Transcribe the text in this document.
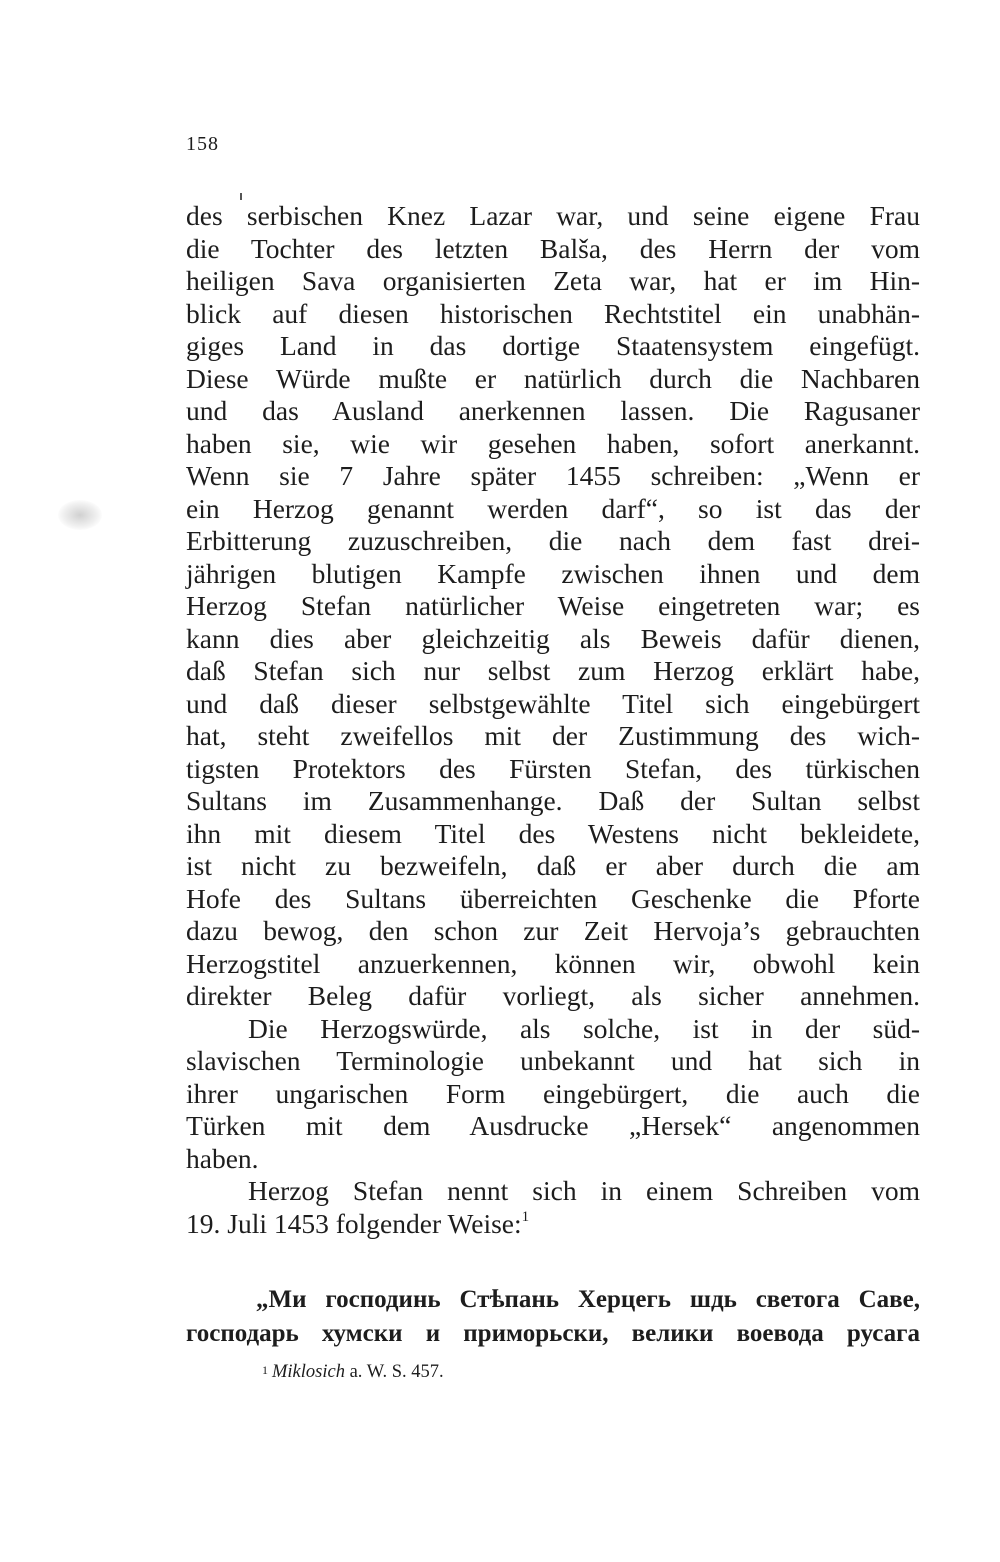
158
des serbischen Knez Lazar war, und seine eigene Frau
die Tochter des letzten Balša, des Herrn der vom
heiligen Sava organisierten Zeta war, hat er im Hin-
blick auf diesen historischen Rechtstitel ein unabhän-
giges Land in das dortige Staatensystem eingefügt.
Diese Würde mußte er natürlich durch die Nachbaren
und das Ausland anerkennen lassen. Die Ragusaner
haben sie, wie wir gesehen haben, sofort anerkannt.
Wenn sie 7 Jahre später 1455 schreiben: „Wenn er
ein Herzog genannt werden darf“, so ist das der
Erbitterung zuzuschreiben, die nach dem fast drei-
jährigen blutigen Kampfe zwischen ihnen und dem
Herzog Stefan natürlicher Weise eingetreten war; es
kann dies aber gleichzeitig als Beweis dafür dienen,
daß Stefan sich nur selbst zum Herzog erklärt habe,
und daß dieser selbstgewählte Titel sich eingebürgert
hat, steht zweifellos mit der Zustimmung des wich-
tigsten Protektors des Fürsten Stefan, des türkischen
Sultans im Zusammenhange. Daß der Sultan selbst
ihn mit diesem Titel des Westens nicht bekleidete,
ist nicht zu bezweifeln, daß er aber durch die am
Hofe des Sultans überreichten Geschenke die Pforte
dazu bewog, den schon zur Zeit Hervoja’s gebrauchten
Herzogstitel anzuerkennen, können wir, obwohl kein
direkter Beleg dafür vorliegt, als sicher annehmen.
Die Herzogswürde, als solche, ist in der süd-
slavischen Terminologie unbekannt und hat sich in
ihrer ungarischen Form eingebürgert, die auch die
Türken mit dem Ausdrucke „Hersek“ angenommen
haben.
Herzog Stefan nennt sich in einem Schreiben vom
19. Juli 1453 folgender Weise:$^1$
„Ми господинь Стѣпань Херцегь шдь светога Саве,
господарь хумски и приморьски, велики воевода русага
$^1$ Miklosich a. W. S. 457.
